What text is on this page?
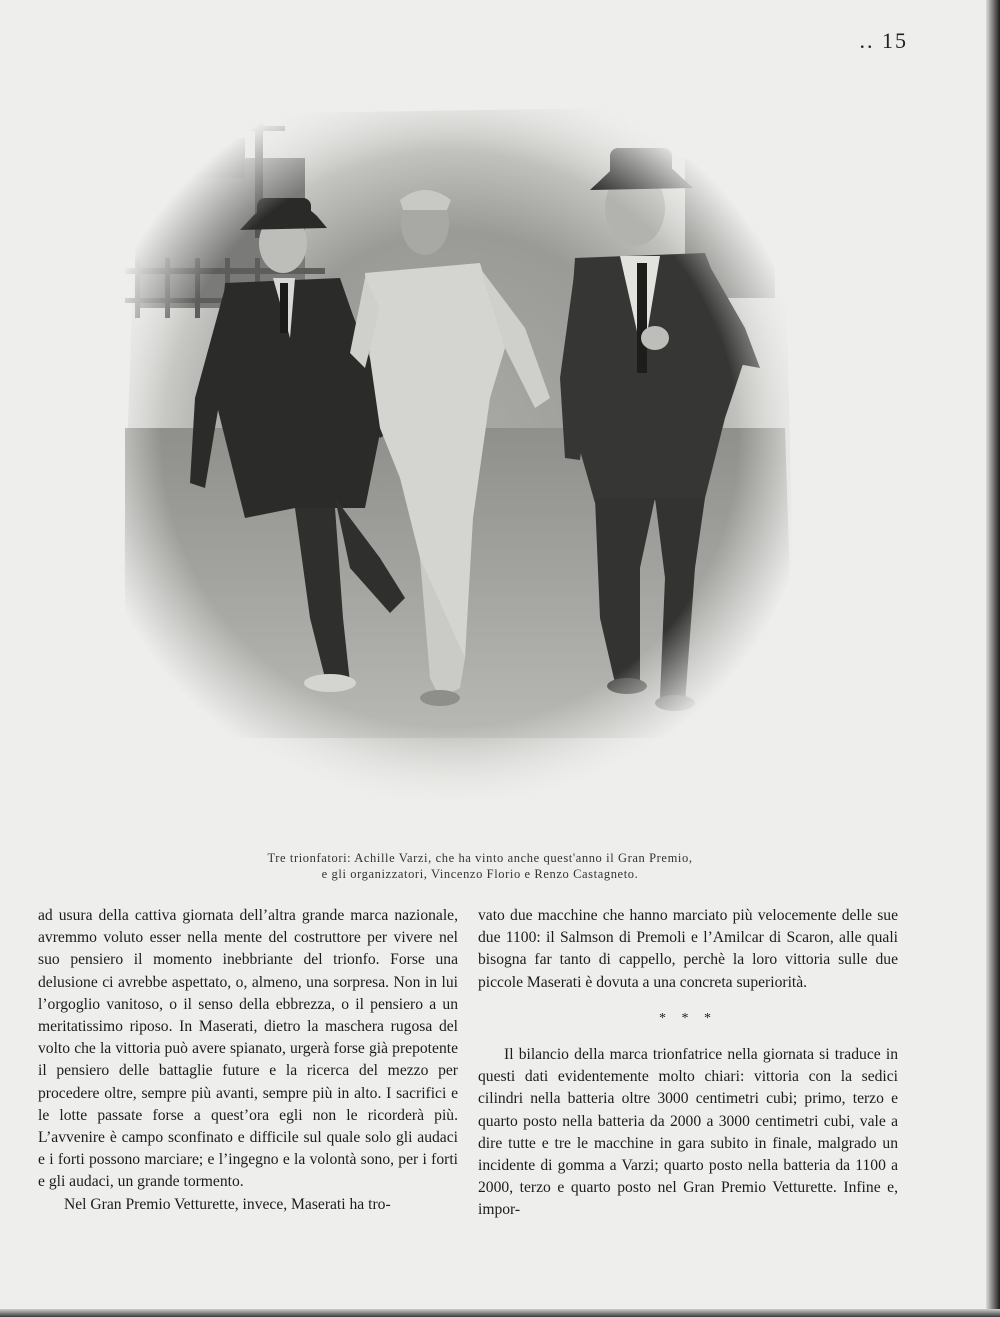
.. 15
Tre trionfatori: Achille Varzi, che ha vinto anche quest'anno il Gran Premio,
e gli organizzatori, Vincenzo Florio e Renzo Castagneto.

ad usura della cattiva giornata dell’altra grande marca nazionale, avremmo voluto esser nella mente del costruttore per vivere nel suo pensiero il momento inebbriante del trionfo. Forse una delusione ci avrebbe aspettato, o, almeno, una sorpresa. Non in lui l’orgoglio vanitoso, o il senso della ebbrezza, o il pensiero a un meritatissimo riposo. In Maserati, dietro la maschera rugosa del volto che la vittoria può avere spianato, urgerà forse già prepotente il pensiero delle battaglie future e la ricerca del mezzo per procedere oltre, sempre più avanti, sempre più in alto. I sacrifici e le lotte passate forse a quest’ora egli non le ricorderà più. L’avvenire è campo sconfinato e difficile sul quale solo gli audaci e i forti possono marciare; e l’ingegno e la volontà sono, per i forti e gli audaci, un grande tormento.

Nel Gran Premio Vetturette, invece, Maserati ha tro-

vato due macchine che hanno marciato più velocemente delle sue due 1100: il Salmson di Premoli e l’Amilcar di Scaron, alle quali bisogna far tanto di cappello, perchè la loro vittoria sulle due piccole Maserati è dovuta a una concreta superiorità.

* * *

Il bilancio della marca trionfatrice nella giornata si traduce in questi dati evidentemente molto chiari: vittoria con la sedici cilindri nella batteria oltre 3000 centimetri cubi; primo, terzo e quarto posto nella batteria da 2000 a 3000 centimetri cubi, vale a dire tutte e tre le macchine in gara subito in finale, malgrado un incidente di gomma a Varzi; quarto posto nella batteria da 1100 a 2000, terzo e quarto posto nel Gran Premio Vetturette. Infine e, impor-
